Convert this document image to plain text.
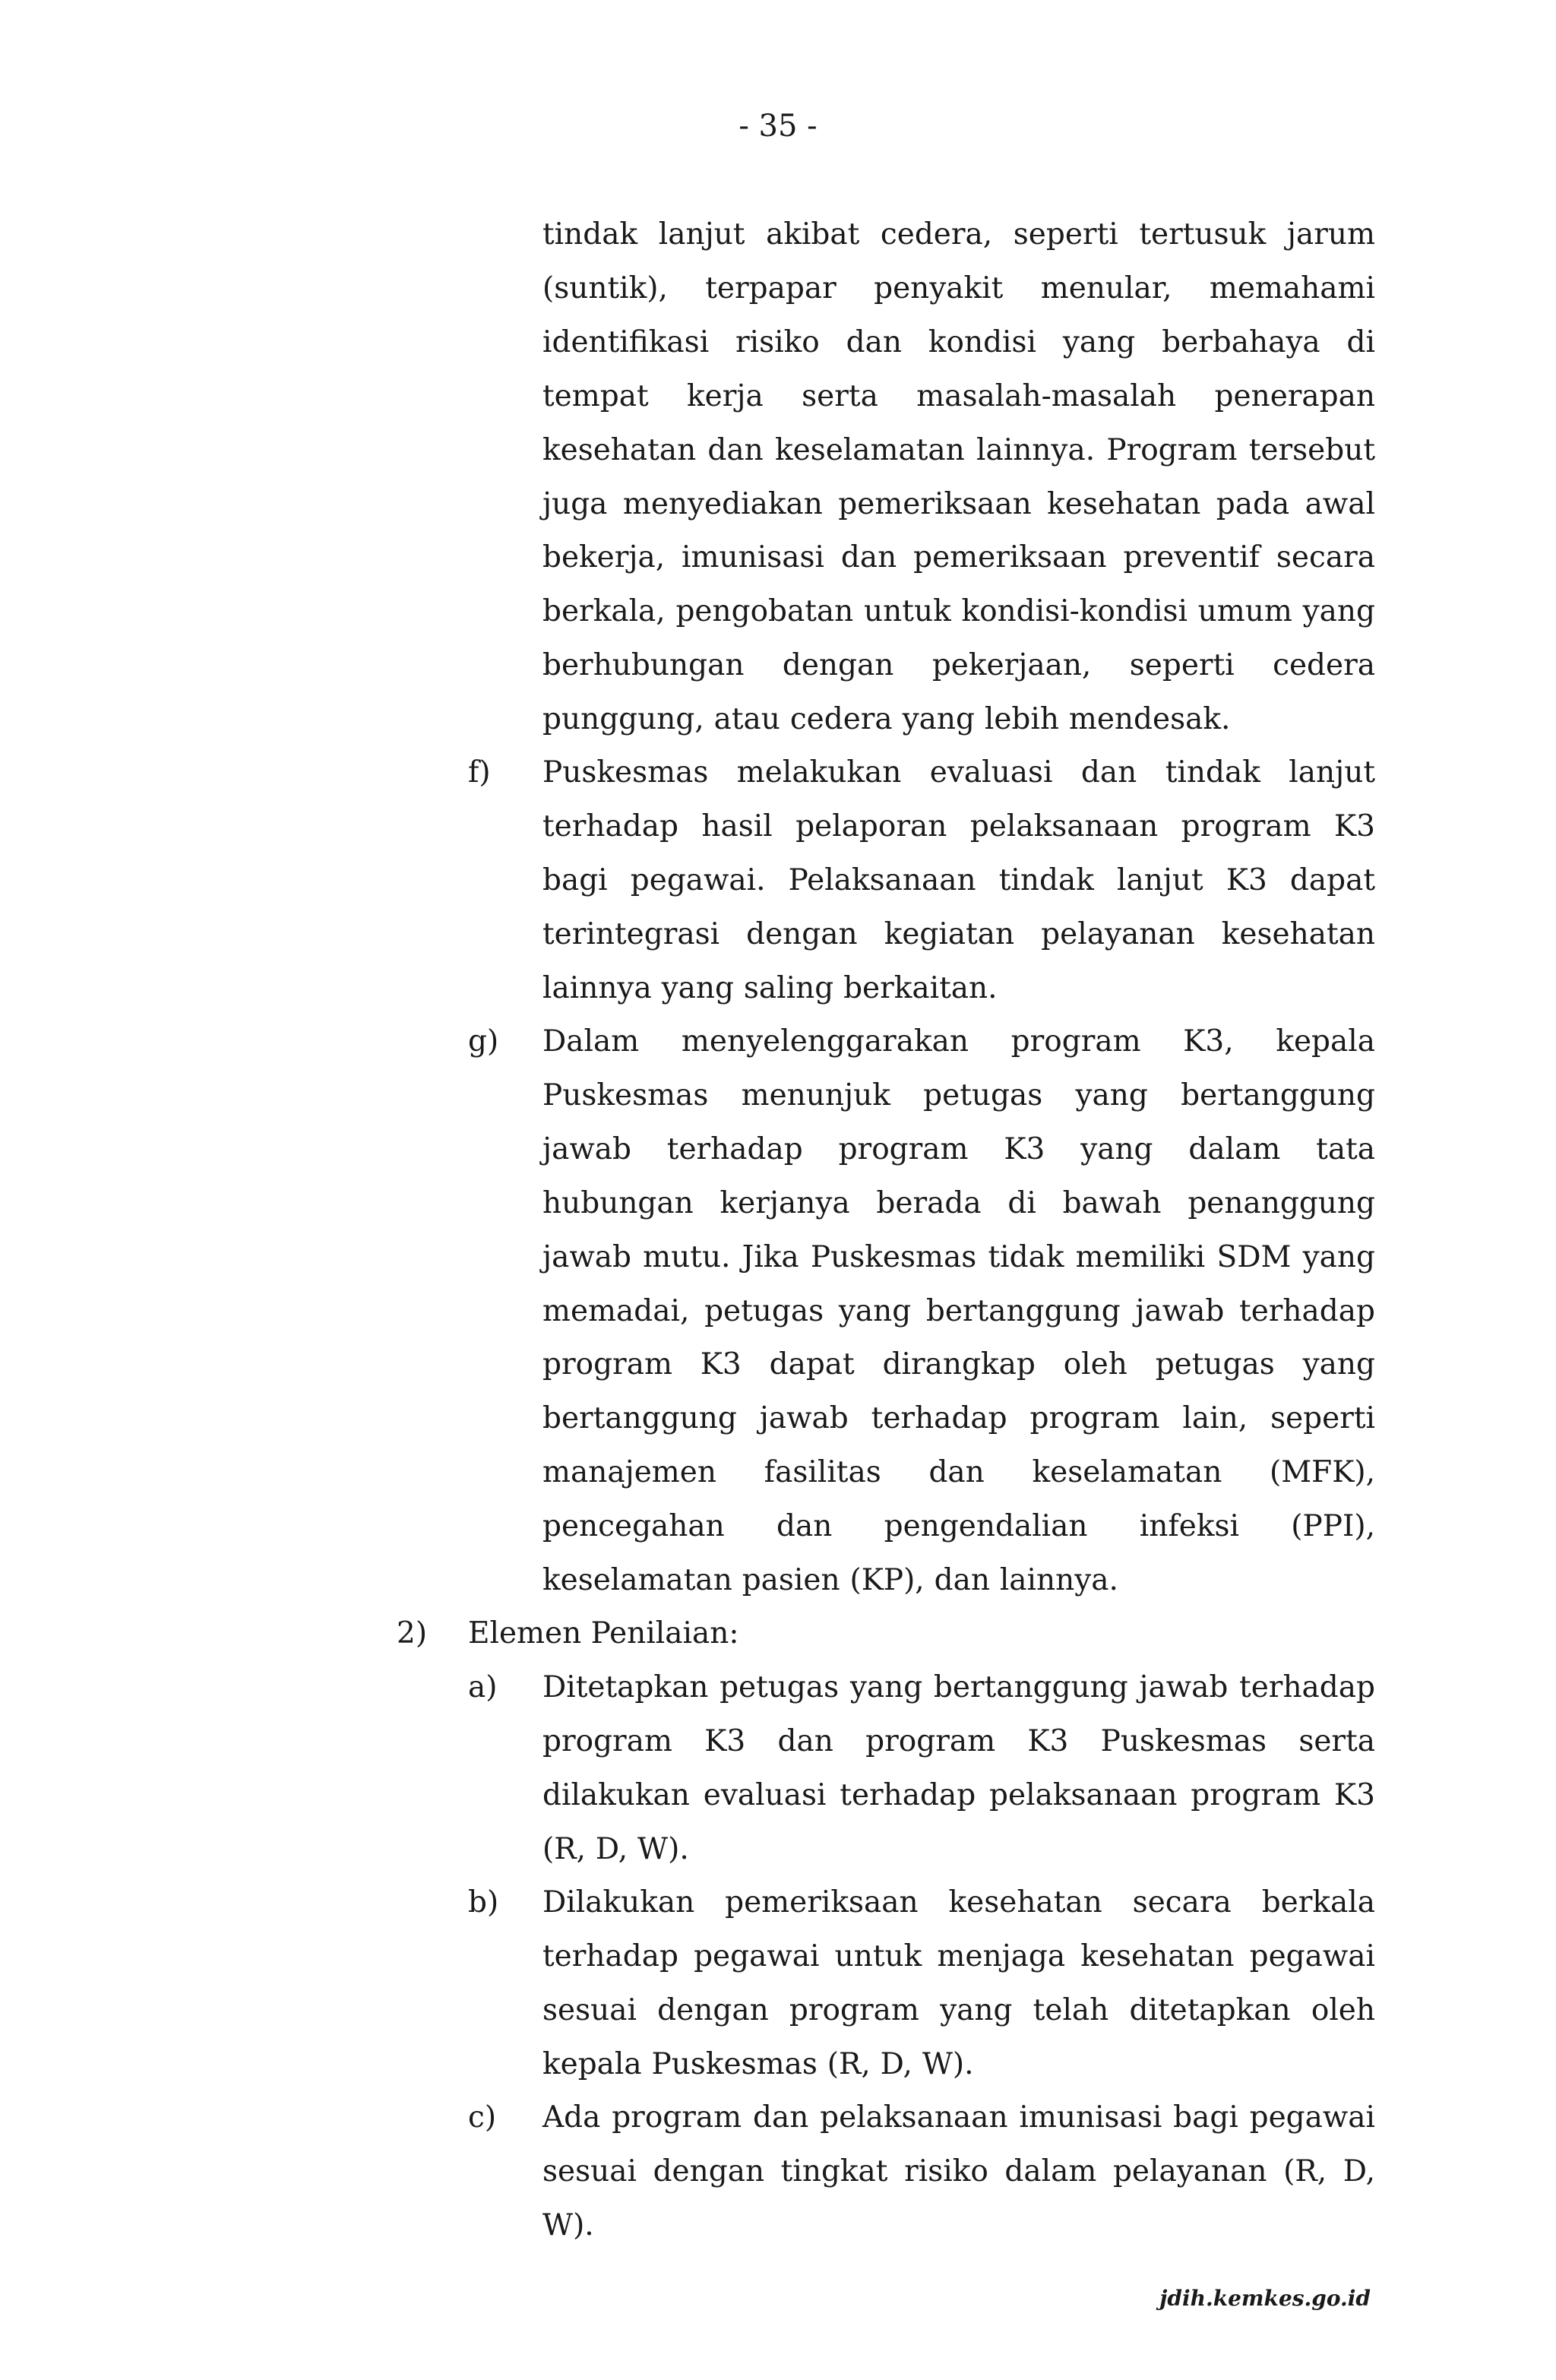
- 35 -
tindak lanjut akibat cedera, seperti tertusuk jarum (suntik), terpapar penyakit menular, memahami identifikasi risiko dan kondisi yang berbahaya di tempat kerja serta masalah-masalah penerapan kesehatan dan keselamatan lainnya. Program tersebut juga menyediakan pemeriksaan kesehatan pada awal bekerja, imunisasi dan pemeriksaan preventif secara berkala, pengobatan untuk kondisi-kondisi umum yang berhubungan dengan pekerjaan, seperti cedera punggung, atau cedera yang lebih mendesak.
f) Puskesmas melakukan evaluasi dan tindak lanjut terhadap hasil pelaporan pelaksanaan program K3 bagi pegawai. Pelaksanaan tindak lanjut K3 dapat terintegrasi dengan kegiatan pelayanan kesehatan lainnya yang saling berkaitan.
g) Dalam menyelenggarakan program K3, kepala Puskesmas menunjuk petugas yang bertanggung jawab terhadap program K3 yang dalam tata hubungan kerjanya berada di bawah penanggung jawab mutu. Jika Puskesmas tidak memiliki SDM yang memadai, petugas yang bertanggung jawab terhadap program K3 dapat dirangkap oleh petugas yang bertanggung jawab terhadap program lain, seperti manajemen fasilitas dan keselamatan (MFK), pencegahan dan pengendalian infeksi (PPI), keselamatan pasien (KP), dan lainnya.
2) Elemen Penilaian:
a) Ditetapkan petugas yang bertanggung jawab terhadap program K3 dan program K3 Puskesmas serta dilakukan evaluasi terhadap pelaksanaan program K3 (R, D, W).
b) Dilakukan pemeriksaan kesehatan secara berkala terhadap pegawai untuk menjaga kesehatan pegawai sesuai dengan program yang telah ditetapkan oleh kepala Puskesmas (R, D, W).
c) Ada program dan pelaksanaan imunisasi bagi pegawai sesuai dengan tingkat risiko dalam pelayanan (R, D, W).
jdih.kemkes.go.id
